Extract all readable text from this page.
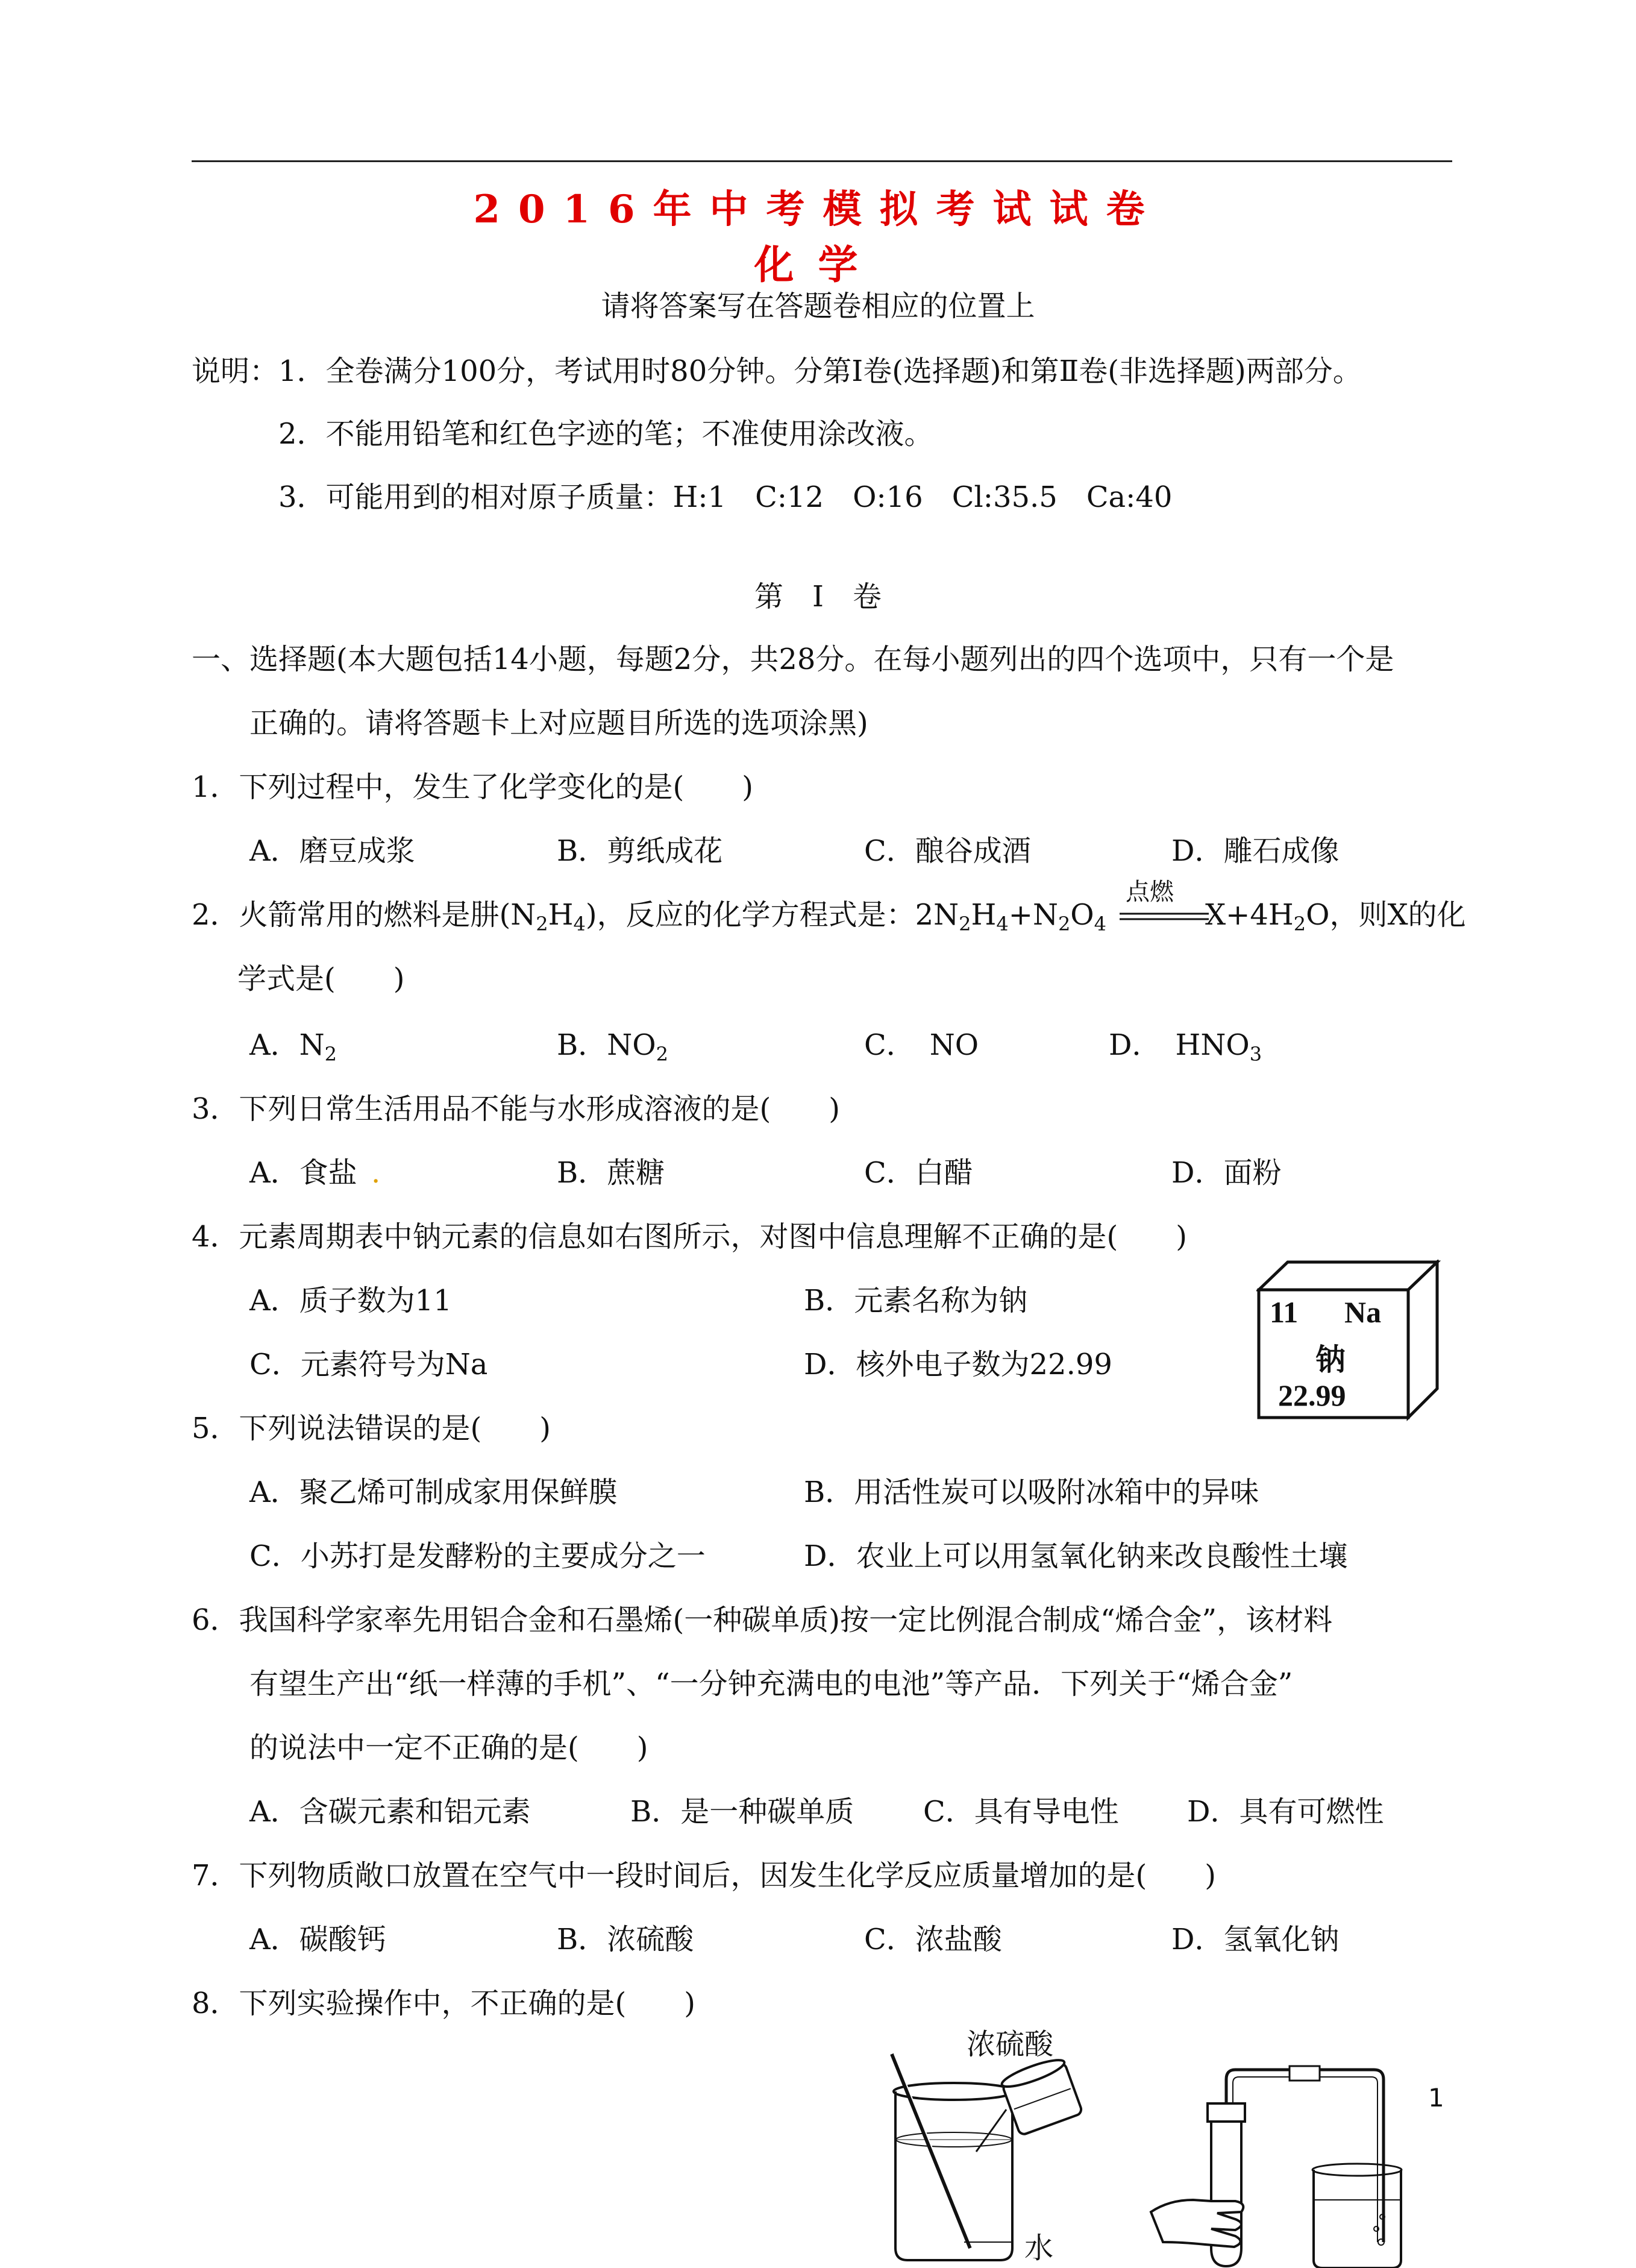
2016年中考模拟考试试卷
化学
请将答案写在答题卷相应的位置上
说明： 1．全卷满分100分，考试用时80分钟。分第Ⅰ卷(选择题)和第Ⅱ卷(非选择题)两部分。
2．不能用铅笔和红色字迹的笔；不准使用涂改液。
3．可能用到的相对原子质量：H:1　C:12　O:16　Cl:35.5　Ca:40
第　Ⅰ　卷
一、选择题(本大题包括14小题，每题2分，共28分。在每小题列出的四个选项中，只有一个是
正确的。请将答题卡上对应题目所选的选项涂黑)
1．下列过程中，发生了化学变化的是(　　)
A．磨豆成浆	B．剪纸成花	C．酿谷成酒	D．雕石成像
2．火箭常用的燃料是肼$(N_2H_4)$，反应的化学方程式是：$2N_2H_4+N_2O_4$
点燃
$X+4H_2O$，则X的化
学式是(　　)
A．$N_2$	B．$NO_2$	C．　NO	D．　$HNO_3$
3．下列日常生活用品不能与水形成溶液的是(　　)
A．食盐 .	B．蔗糖	C．白醋	D．面粉
4．元素周期表中钠元素的信息如右图所示，对图中信息理解不正确的是(　　)
A．质子数为11	B．元素名称为钠
C．元素符号为Na	D．核外电子数为22.99
11 Na
钠
22.99
5．下列说法错误的是(　　)
A．聚乙烯可制成家用保鲜膜	B．用活性炭可以吸附冰箱中的异味
C．小苏打是发酵粉的主要成分之一	D．农业上可以用氢氧化钠来改良酸性土壤
6．我国科学家率先用铝合金和石墨烯(一种碳单质)按一定比例混合制成“烯合金”，该材料
有望生产出“纸一样薄的手机”、“一分钟充满电的电池”等产品．下列关于“烯合金”
的说法中一定不正确的是(　　)
A．含碳元素和铝元素	B．是一种碳单质 C．具有导电性 D．具有可燃性
7．下列物质敞口放置在空气中一段时间后，因发生化学反应质量增加的是(　　)
A．碳酸钙	B．浓硫酸	C．浓盐酸	D．氢氧化钠
8．下列实验操作中，不正确的是(　　)
浓硫酸
水
1
